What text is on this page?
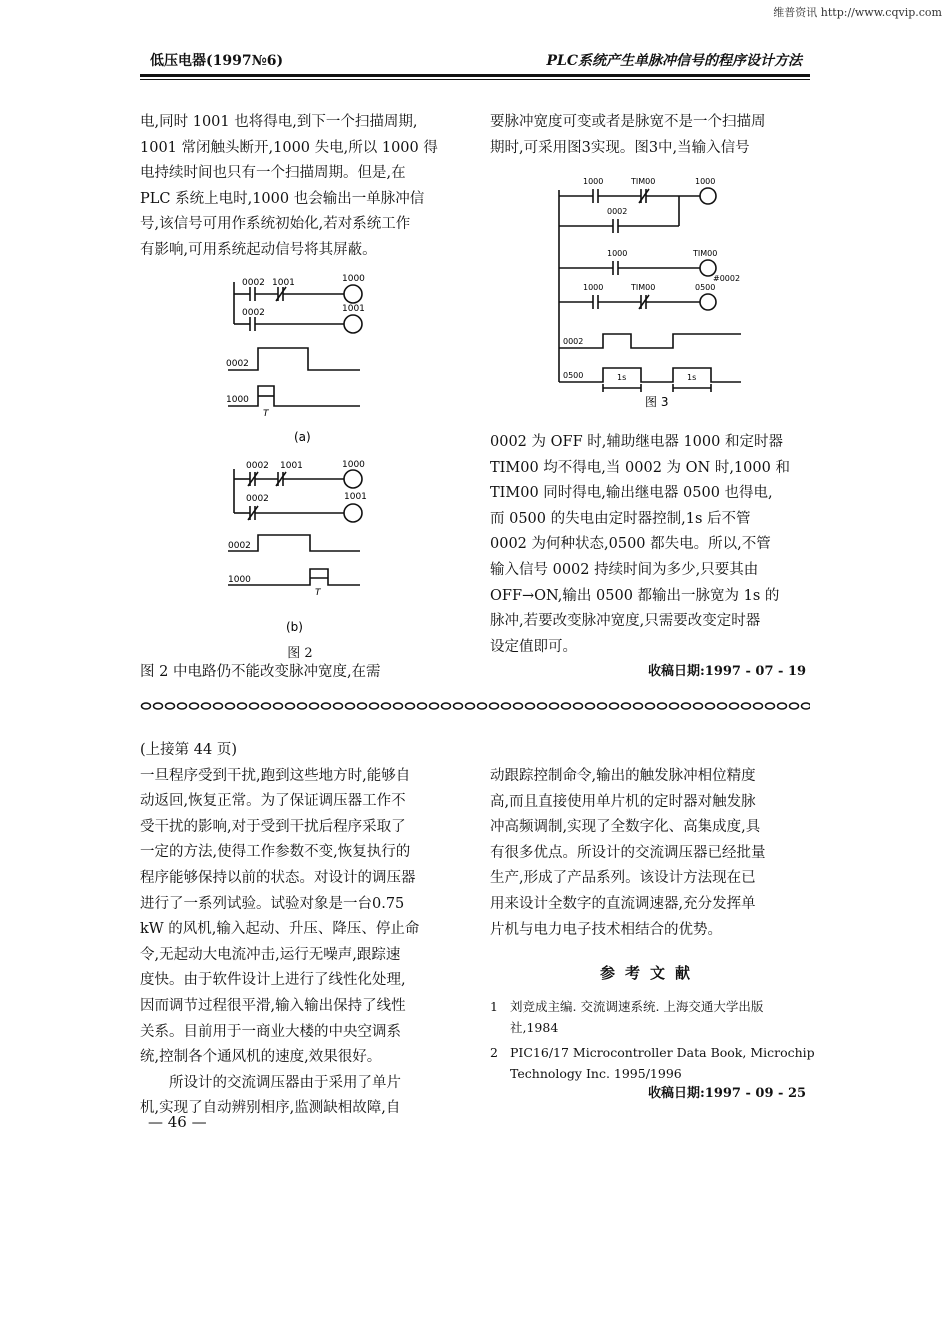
维普资讯 http://www.cqvip.com
低压电器(1997№6)	PLC系统产生单脉冲信号的程序设计方法

电,同时 1001 也将得电,到下一个扫描周期,

1001 常闭触头断开,1000 失电,所以 1000 得

电持续时间也只有一个扫描周期。但是,在

PLC 系统上电时,1000 也会输出一单脉冲信

号,该信号可用作系统初始化,若对系统工作

有影响,可用系统起动信号将其屏蔽。

0002 1001	1000
0002	1001
0002
1000
T
(a)
0002 1001	1000
0002	1001
0002
1000
T
(b)
图 2
图 2 中电路仍不能改变脉冲宽度,在需

要脉冲宽度可变或者是脉宽不是一个扫描周

期时,可采用图3实现。图3中,当输入信号

1000	TIM00	1000
0002
1000	TIM00
#0002
1000	TIM00	0500
0002
0500	1s	1s
图 3

0002 为 OFF 时,辅助继电器 1000 和定时器

TIM00 均不得电,当 0002 为 ON 时,1000 和

TIM00 同时得电,输出继电器 0500 也得电,

而 0500 的失电由定时器控制,1s 后不管

0002 为何种状态,0500 都失电。所以,不管

输入信号 0002 持续时间为多少,只要其由

OFF→ON,输出 0500 都输出一脉宽为 1s 的

脉冲,若要改变脉冲宽度,只需要改变定时器

设定值即可。

收稿日期:1997 - 07 - 19

(上接第 44 页)

一旦程序受到干扰,跑到这些地方时,能够自

动返回,恢复正常。为了保证调压器工作不

受干扰的影响,对于受到干扰后程序采取了

一定的方法,使得工作参数不变,恢复执行的

程序能够保持以前的状态。对设计的调压器

进行了一系列试验。试验对象是一台0.75

kW 的风机,输入起动、升压、降压、停止命

令,无起动大电流冲击,运行无噪声,跟踪速

度快。由于软件设计上进行了线性化处理,

因而调节过程很平滑,输入输出保持了线性

关系。目前用于一商业大楼的中央空调系

统,控制各个通风机的速度,效果很好。

所设计的交流调压器由于采用了单片

机,实现了自动辨别相序,监测缺相故障,自

— 46 —

动跟踪控制命令,输出的触发脉冲相位精度

高,而且直接使用单片机的定时器对触发脉

冲高频调制,实现了全数字化、高集成度,具

有很多优点。所设计的交流调压器已经批量

生产,形成了产品系列。该设计方法现在已

用来设计全数字的直流调速器,充分发挥单

片机与电力电子技术相结合的优势。

参考文献
1 刘竞成主编. 交流调速系统. 上海交通大学出版
社,1984
2 PIC16/17 Microcontroller Data Book, Microchip
Technology Inc. 1995/1996
收稿日期:1997 - 09 - 25
